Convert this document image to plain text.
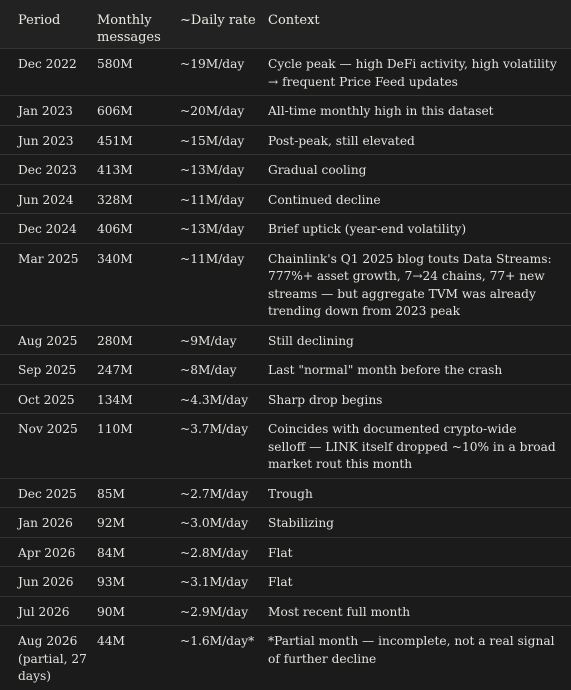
Period	Monthly messages	~Daily rate	Context
Dec 2022	580M	~19M/day	Cycle peak — high DeFi activity, high volatility → frequent Price Feed updates
Jan 2023	606M	~20M/day	All-time monthly high in this dataset
Jun 2023	451M	~15M/day	Post-peak, still elevated
Dec 2023	413M	~13M/day	Gradual cooling
Jun 2024	328M	~11M/day	Continued decline
Dec 2024	406M	~13M/day	Brief uptick (year-end volatility)
Mar 2025	340M	~11M/day	Chainlink's Q1 2025 blog touts Data Streams: 777%+ asset growth, 7→24 chains, 77+ new streams — but aggregate TVM was already trending down from 2023 peak
Aug 2025	280M	~9M/day	Still declining
Sep 2025	247M	~8M/day	Last "normal" month before the crash
Oct 2025	134M	~4.3M/day	Sharp drop begins
Nov 2025	110M	~3.7M/day	Coincides with documented crypto-wide selloff — LINK itself dropped ~10% in a broad market rout this month
Dec 2025	85M	~2.7M/day	Trough
Jan 2026	92M	~3.0M/day	Stabilizing
Apr 2026	84M	~2.8M/day	Flat
Jun 2026	93M	~3.1M/day	Flat
Jul 2026	90M	~2.9M/day	Most recent full month
Aug 2026 (partial, 27 days)	44M	~1.6M/day*	*Partial month — incomplete, not a real signal of further decline
